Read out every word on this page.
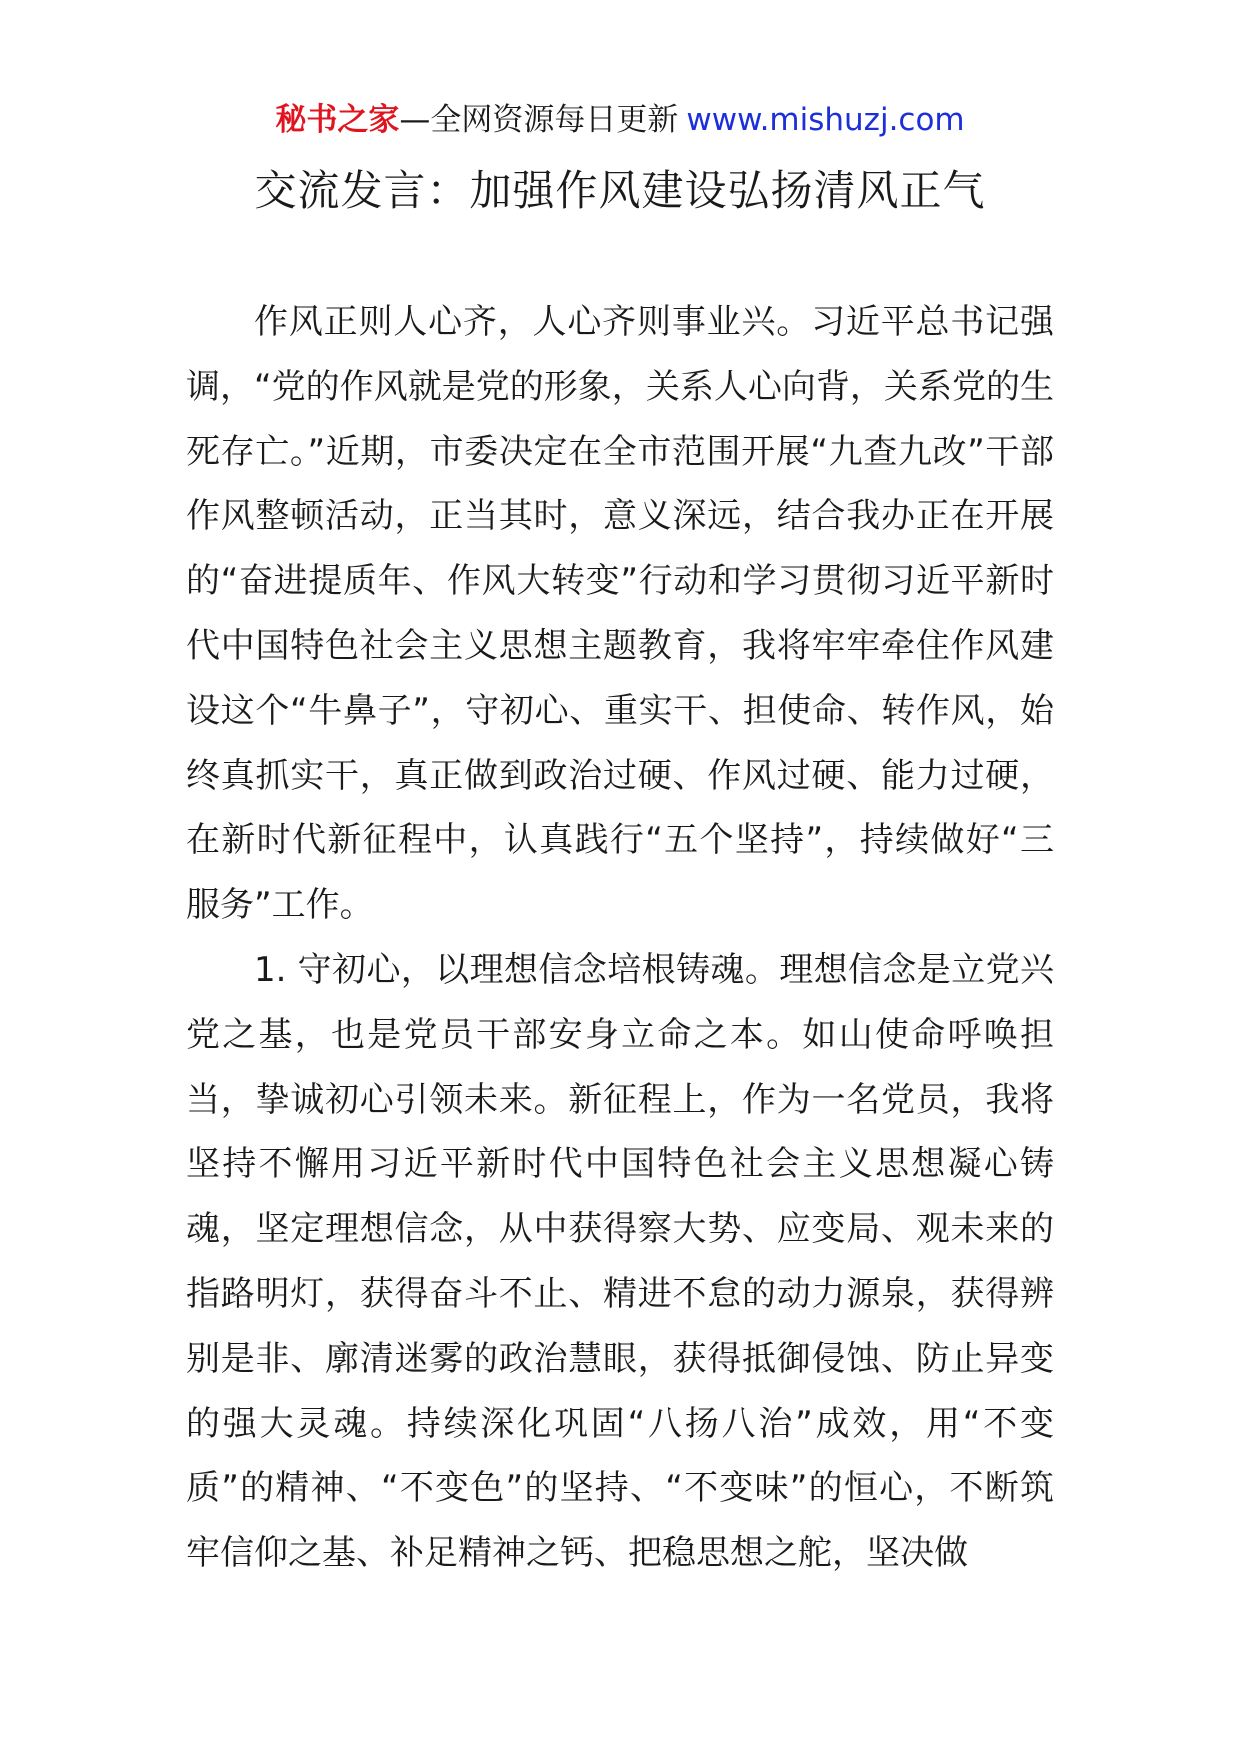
秘书之家—全网资源每日更新 www.mishuzj.com
交流发言：加强作风建设弘扬清风正气

作风正则人心齐，人心齐则事业兴。习近平总书记强调，“党的作风就是党的形象，关系人心向背，关系党的生死存亡。”近期，市委决定在全市范围开展“九查九改”干部作风整顿活动，正当其时，意义深远，结合我办正在开展的“奋进提质年、作风大转变”行动和学习贯彻习近平新时代中国特色社会主义思想主题教育，我将牢牢牵住作风建设这个“牛鼻子”，守初心、重实干、担使命、转作风，始终真抓实干，真正做到政治过硬、作风过硬、能力过硬，在新时代新征程中，认真践行“五个坚持”，持续做好“三服务”工作。

1. 守初心，以理想信念培根铸魂。理想信念是立党兴党之基，也是党员干部安身立命之本。如山使命呼唤担当，挚诚初心引领未来。新征程上，作为一名党员，我将坚持不懈用习近平新时代中国特色社会主义思想凝心铸魂，坚定理想信念，从中获得察大势、应变局、观未来的指路明灯，获得奋斗不止、精进不怠的动力源泉，获得辨别是非、廓清迷雾的政治慧眼，获得抵御侵蚀、防止异变的强大灵魂。持续深化巩固“八扬八治”成效，用“不变质”的精神、“不变色”的坚持、“不变味”的恒心，不断筑牢信仰之基、补足精神之钙、把稳思想之舵，坚决做
